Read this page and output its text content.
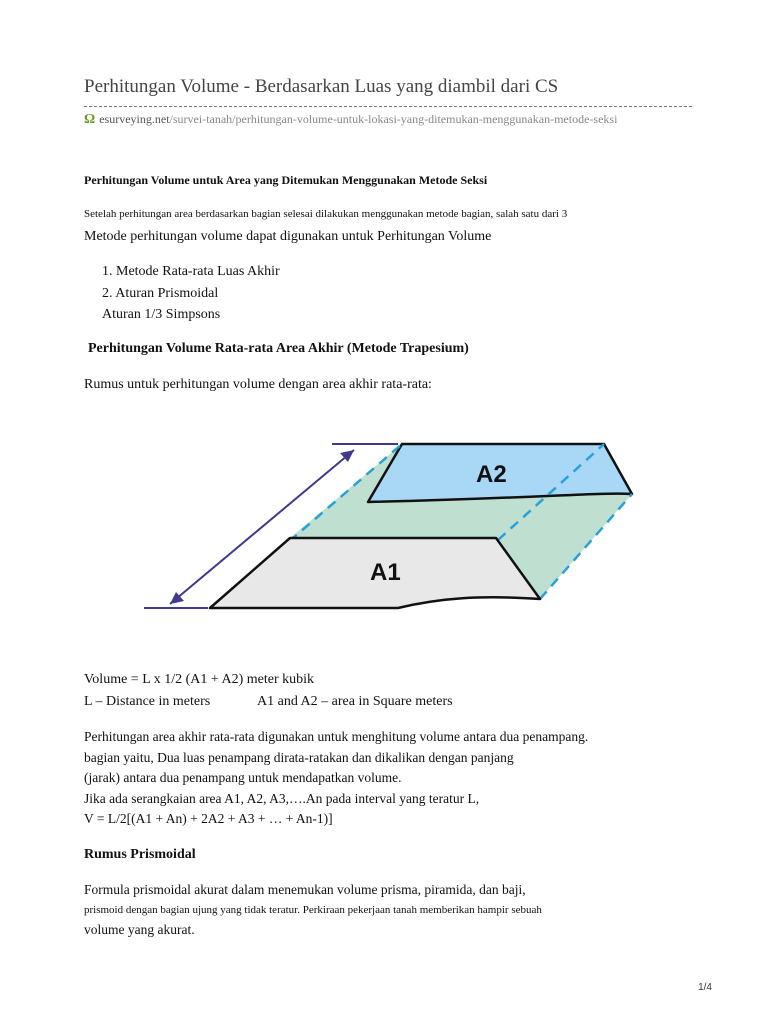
Perhitungan Volume - Berdasarkan Luas yang diambil dari CS
Ω esurveying.net/survei-tanah/perhitungan-volume-untuk-lokasi-yang-ditemukan-menggunakan-metode-seksi
Perhitungan Volume untuk Area yang Ditemukan Menggunakan Metode Seksi
Setelah perhitungan area berdasarkan bagian selesai dilakukan menggunakan metode bagian, salah satu dari 3
Metode perhitungan volume dapat digunakan untuk Perhitungan Volume
1. Metode Rata-rata Luas Akhir
2. Aturan Prismoidal
Aturan 1/3 Simpsons
Perhitungan Volume Rata-rata Area Akhir (Metode Trapesium)
Rumus untuk perhitungan volume dengan area akhir rata-rata:
A2
A1
Volume = L x 1/2 (A1 + A2) meter kubik
L – Distance in meters	A1 and A2 – area in Square meters
Perhitungan area akhir rata-rata digunakan untuk menghitung volume antara dua penampang.
bagian yaitu, Dua luas penampang dirata-ratakan dan dikalikan dengan panjang
(jarak) antara dua penampang untuk mendapatkan volume.
Jika ada serangkaian area A1, A2, A3,….An pada interval yang teratur L,
V = L/2[(A1 + An) + 2A2 + A3 + … + An-1)]
Rumus Prismoidal
Formula prismoidal akurat dalam menemukan volume prisma, piramida, dan baji,
prismoid dengan bagian ujung yang tidak teratur. Perkiraan pekerjaan tanah memberikan hampir sebuah
volume yang akurat.
1/4
